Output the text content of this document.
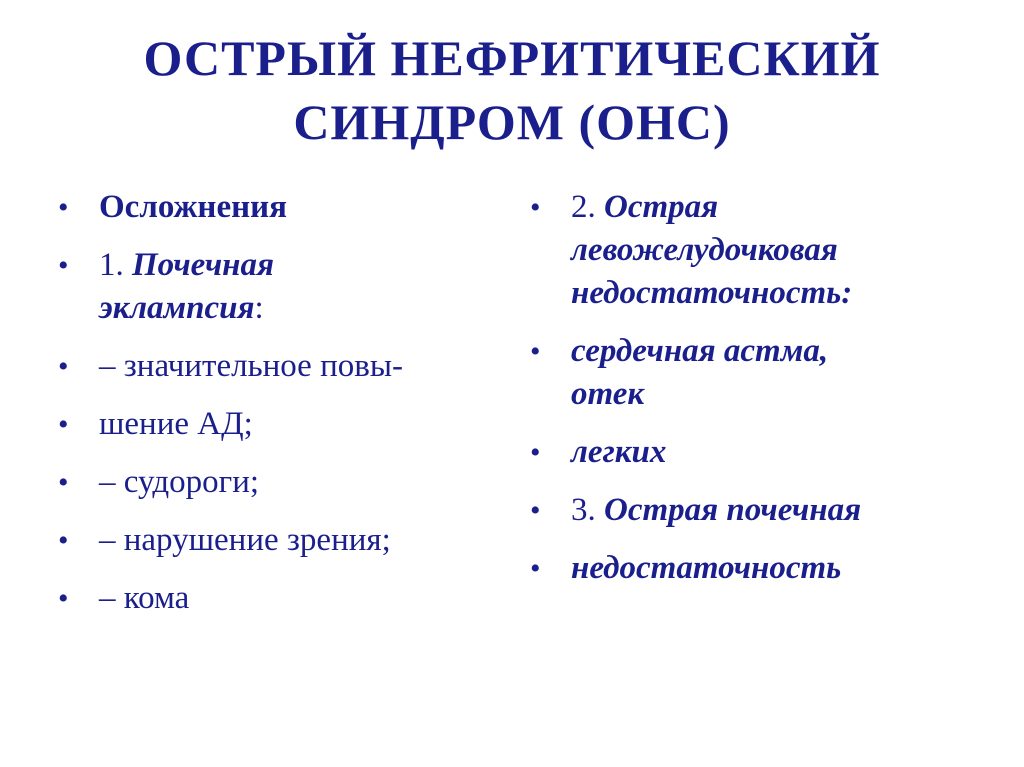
ОСТРЫЙ НЕФРИТИЧЕСКИЙ
СИНДРОМ (ОНС)
• Осложнения
• 1. Почечная
эклампсия:
• – значительное повы-
• шение АД;
• – судороги;
• – нарушение зрения;
• – кома
• 2. Острая
левожелудочковая
недостаточность:
• сердечная астма,
отек
• легких
• 3. Острая почечная
• недостаточность
